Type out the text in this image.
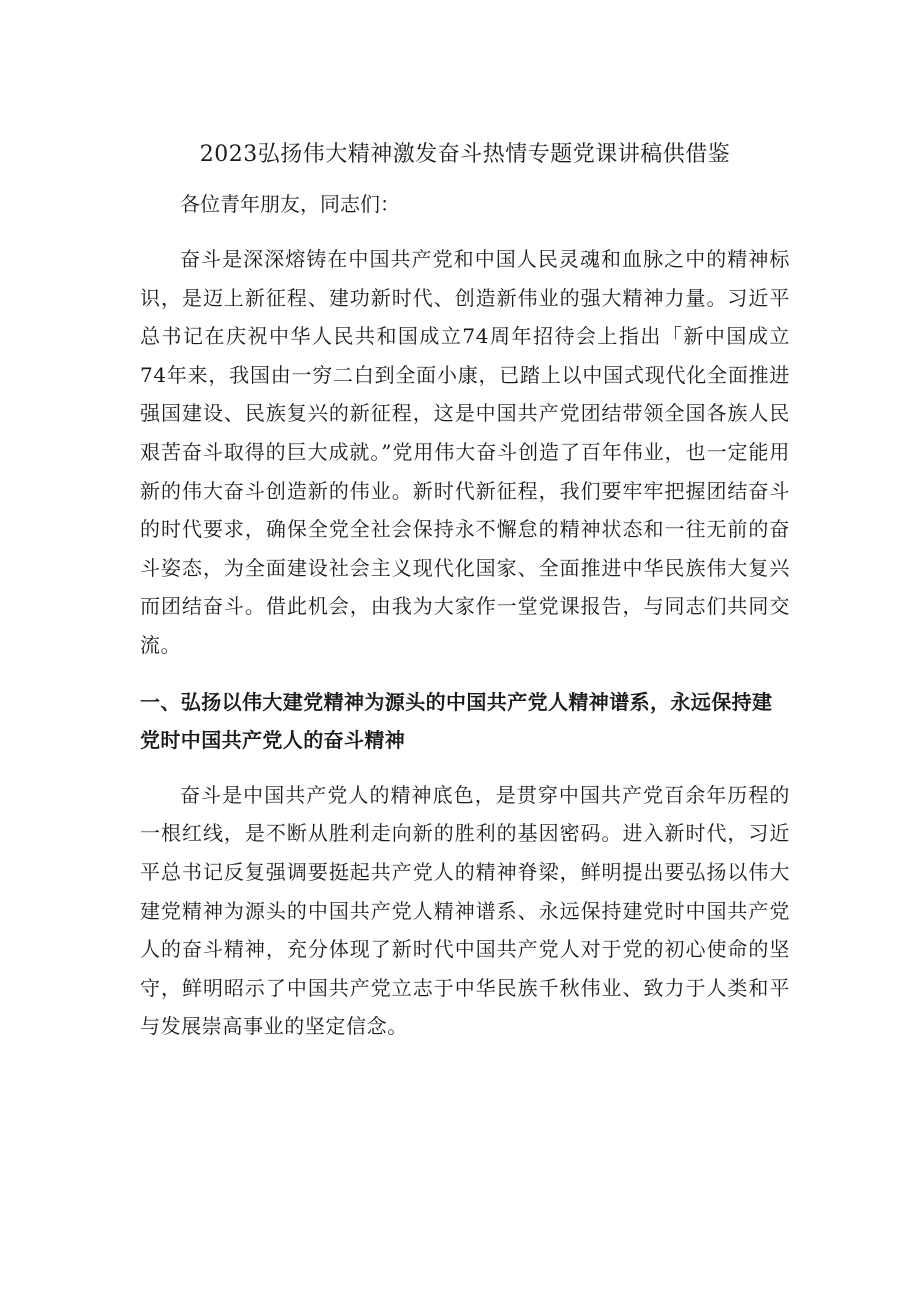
2023弘扬伟大精神激发奋斗热情专题党课讲稿供借鉴

各位青年朋友，同志们：

奋斗是深深熔铸在中国共产党和中国人民灵魂和血脉之中的精神标识，是迈上新征程、建功新时代、创造新伟业的强大精神力量。习近平总书记在庆祝中华人民共和国成立74周年招待会上指出「新中国成立74年来，我国由一穷二白到全面小康，已踏上以中国式现代化全面推进强国建设、民族复兴的新征程，这是中国共产党团结带领全国各族人民艰苦奋斗取得的巨大成就。”党用伟大奋斗创造了百年伟业，也一定能用新的伟大奋斗创造新的伟业。新时代新征程，我们要牢牢把握团结奋斗的时代要求，确保全党全社会保持永不懈怠的精神状态和一往无前的奋斗姿态，为全面建设社会主义现代化国家、全面推进中华民族伟大复兴而团结奋斗。借此机会，由我为大家作一堂党课报告，与同志们共同交流。

一、弘扬以伟大建党精神为源头的中国共产党人精神谱系，永远保持建党时中国共产党人的奋斗精神

奋斗是中国共产党人的精神底色，是贯穿中国共产党百余年历程的一根红线，是不断从胜利走向新的胜利的基因密码。进入新时代，习近平总书记反复强调要挺起共产党人的精神脊梁，鲜明提出要弘扬以伟大建党精神为源头的中国共产党人精神谱系、永远保持建党时中国共产党人的奋斗精神，充分体现了新时代中国共产党人对于党的初心使命的坚守，鲜明昭示了中国共产党立志于中华民族千秋伟业、致力于人类和平与发展崇高事业的坚定信念。
